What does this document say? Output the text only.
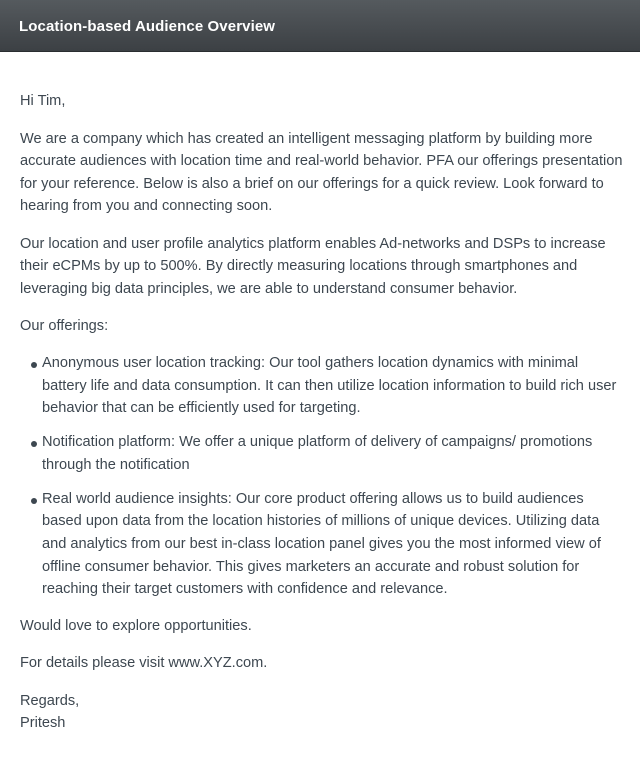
Location-based Audience Overview

Hi Tim,

We are a company which has created an intelligent messaging platform by building more accurate audiences with location time and real-world behavior. PFA our offerings presentation for your reference. Below is also a brief on our offerings for a quick review. Look forward to hearing from you and connecting soon.

Our location and user profile analytics platform enables Ad-networks and DSPs to increase their eCPMs by up to 500%. By directly measuring locations through smartphones and leveraging big data principles, we are able to understand consumer behavior.

Our offerings:

Anonymous user location tracking: Our tool gathers location dynamics with minimal battery life and data consumption. It can then utilize location information to build rich user behavior that can be efficiently used for targeting.
Notification platform: We offer a unique platform of delivery of campaigns/ promotions through the notification
Real world audience insights: Our core product offering allows us to build audiences based upon data from the location histories of millions of unique devices. Utilizing data and analytics from our best in-class location panel gives you the most informed view of offline consumer behavior. This gives marketers an accurate and robust solution for reaching their target customers with confidence and relevance.

Would love to explore opportunities.

For details please visit www.XYZ.com.

Regards,
Pritesh
